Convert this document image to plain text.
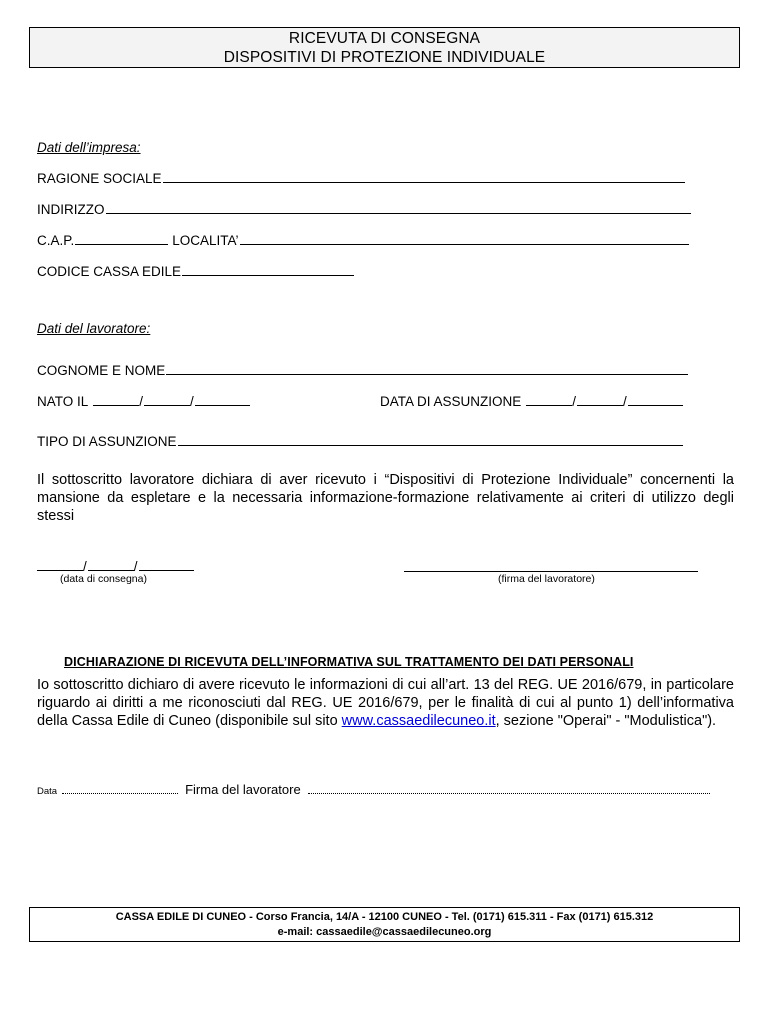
RICEVUTA DI CONSEGNA
DISPOSITIVI DI PROTEZIONE INDIVIDUALE
Dati dell’impresa:
RAGIONE SOCIALE
INDIRIZZO
C.A.P.	LOCALITA’
CODICE CASSA EDILE
Dati del lavoratore:
COGNOME E NOME
NATO IL	/	/	DATA DI ASSUNZIONE	/	/
TIPO DI ASSUNZIONE
Il sottoscritto lavoratore dichiara di aver ricevuto i “Dispositivi di Protezione Individuale” concernenti la mansione da espletare e la necessaria informazione-formazione relativamente ai criteri di utilizzo degli stessi
/	/
(data di consegna)	(firma del lavoratore)
DICHIARAZIONE DI RICEVUTA DELL’INFORMATIVA SUL TRATTAMENTO DEI DATI PERSONALI
Io sottoscritto dichiaro di avere ricevuto le informazioni di cui all’art. 13 del REG. UE 2016/679, in particolare riguardo ai diritti a me riconosciuti dal REG. UE 2016/679, per le finalità di cui al punto 1) dell’informativa della Cassa Edile di Cuneo (disponibile sul sito www.cassaedilecuneo.it, sezione "Operai" - "Modulistica").
Data	Firma del lavoratore
CASSA EDILE DI CUNEO - Corso Francia, 14/A - 12100 CUNEO - Tel. (0171) 615.311 - Fax (0171) 615.312
e-mail: cassaedile@cassaedilecuneo.org
